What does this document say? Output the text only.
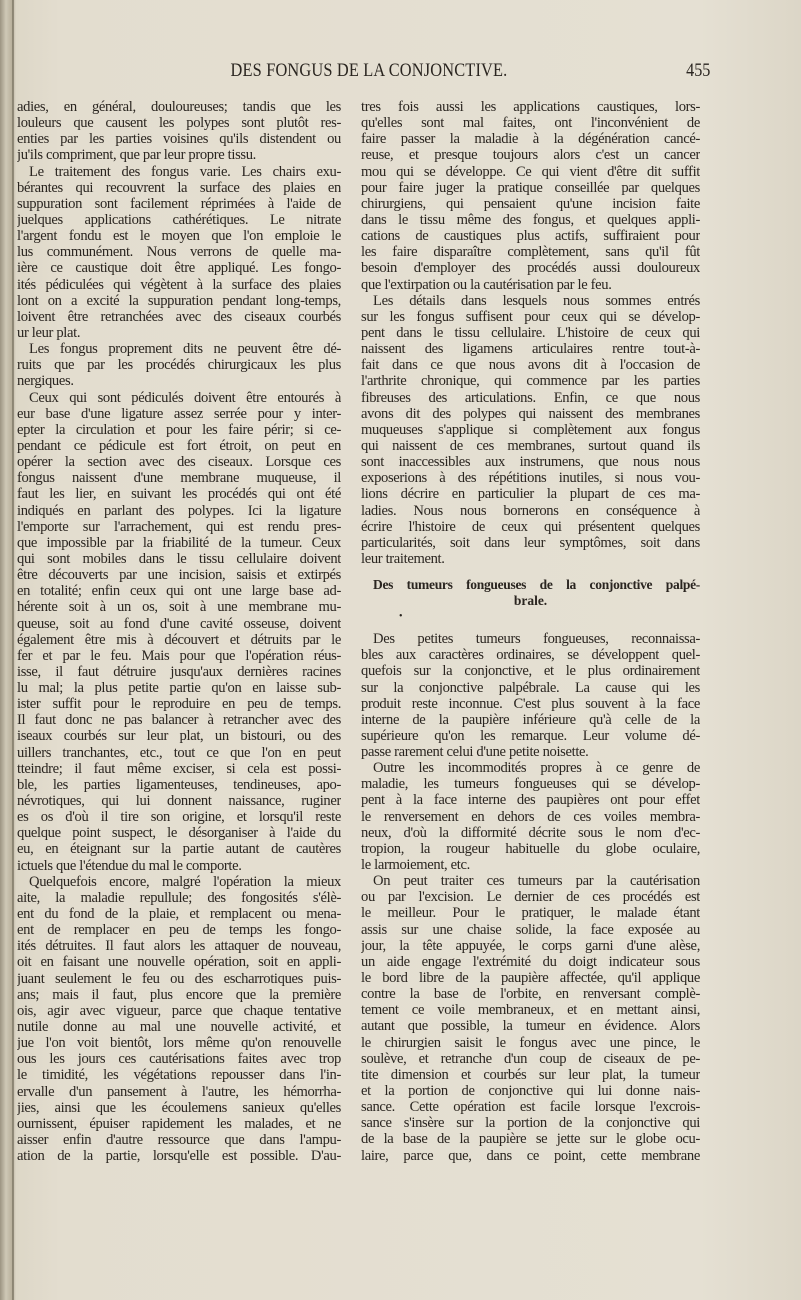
DES FONGUS DE LA CONJONCTIVE.	455
adies, en général, douloureuses; tandis que les
louleurs que causent les polypes sont plutôt res-
enties par les parties voisines qu'ils distendent ou
ju'ils compriment, que par leur propre tissu.
Le traitement des fongus varie. Les chairs exu-
bérantes qui recouvrent la surface des plaies en
suppuration sont facilement réprimées à l'aide de
juelques applications cathérétiques. Le nitrate
l'argent fondu est le moyen que l'on emploie le
lus communément. Nous verrons de quelle ma-
ière ce caustique doit être appliqué. Les fongo-
ités pédiculées qui végètent à la surface des plaies
lont on a excité la suppuration pendant long-temps,
loivent être retranchées avec des ciseaux courbés
ur leur plat.
Les fongus proprement dits ne peuvent être dé-
ruits que par les procédés chirurgicaux les plus
nergiques.
Ceux qui sont pédiculés doivent être entourés à
eur base d'une ligature assez serrée pour y inter-
epter la circulation et pour les faire périr; si ce-
pendant ce pédicule est fort étroit, on peut en
opérer la section avec des ciseaux. Lorsque ces
fongus naissent d'une membrane muqueuse, il
faut les lier, en suivant les procédés qui ont été
indiqués en parlant des polypes. Ici la ligature
l'emporte sur l'arrachement, qui est rendu pres-
que impossible par la friabilité de la tumeur. Ceux
qui sont mobiles dans le tissu cellulaire doivent
être découverts par une incision, saisis et extirpés
en totalité; enfin ceux qui ont une large base ad-
hérente soit à un os, soit à une membrane mu-
queuse, soit au fond d'une cavité osseuse, doivent
également être mis à découvert et détruits par le
fer et par le feu. Mais pour que l'opération réus-
isse, il faut détruire jusqu'aux dernières racines
lu mal; la plus petite partie qu'on en laisse sub-
ister suffit pour le reproduire en peu de temps.
Il faut donc ne pas balancer à retrancher avec des
iseaux courbés sur leur plat, un bistouri, ou des
uillers tranchantes, etc., tout ce que l'on en peut
tteindre; il faut même exciser, si cela est possi-
ble, les parties ligamenteuses, tendineuses, apo-
névrotiques, qui lui donnent naissance, ruginer
es os d'où il tire son origine, et lorsqu'il reste
quelque point suspect, le désorganiser à l'aide du
eu, en éteignant sur la partie autant de cautères
ictuels que l'étendue du mal le comporte.
Quelquefois encore, malgré l'opération la mieux
aite, la maladie repullule; des fongosités s'élè-
ent du fond de la plaie, et remplacent ou mena-
ent de remplacer en peu de temps les fongo-
ités détruites. Il faut alors les attaquer de nouveau,
oit en faisant une nouvelle opération, soit en appli-
juant seulement le feu ou des escharrotiques puis-
ans; mais il faut, plus encore que la première
ois, agir avec vigueur, parce que chaque tentative
nutile donne au mal une nouvelle activité, et
jue l'on voit bientôt, lors même qu'on renouvelle
ous les jours ces cautérisations faites avec trop
le timidité, les végétations repousser dans l'in-
ervalle d'un pansement à l'autre, les hémorrha-
jies, ainsi que les écoulemens sanieux qu'elles
ournissent, épuiser rapidement les malades, et ne
aisser enfin d'autre ressource que dans l'ampu-
ation de la partie, lorsqu'elle est possible. D'au-
tres fois aussi les applications caustiques, lors-
qu'elles sont mal faites, ont l'inconvénient de
faire passer la maladie à la dégénération cancé-
reuse, et presque toujours alors c'est un cancer
mou qui se développe. Ce qui vient d'être dit suffit
pour faire juger la pratique conseillée par quelques
chirurgiens, qui pensaient qu'une incision faite
dans le tissu même des fongus, et quelques appli-
cations de caustiques plus actifs, suffiraient pour
les faire disparaître complètement, sans qu'il fût
besoin d'employer des procédés aussi douloureux
que l'extirpation ou la cautérisation par le feu.
Les détails dans lesquels nous sommes entrés
sur les fongus suffisent pour ceux qui se dévelop-
pent dans le tissu cellulaire. L'histoire de ceux qui
naissent des ligamens articulaires rentre tout-à-
fait dans ce que nous avons dit à l'occasion de
l'arthrite chronique, qui commence par les parties
fibreuses des articulations. Enfin, ce que nous
avons dit des polypes qui naissent des membranes
muqueuses s'applique si complètement aux fongus
qui naissent de ces membranes, surtout quand ils
sont inaccessibles aux instrumens, que nous nous
exposerions à des répétitions inutiles, si nous vou-
lions décrire en particulier la plupart de ces ma-
ladies. Nous nous bornerons en conséquence à
écrire l'histoire de ceux qui présentent quelques
particularités, soit dans leur symptômes, soit dans
leur traitement.
Des tumeurs fongueuses de la conjonctive palpé-
brale.
•
Des petites tumeurs fongueuses, reconnaissa-
bles aux caractères ordinaires, se développent quel-
quefois sur la conjonctive, et le plus ordinairement
sur la conjonctive palpébrale. La cause qui les
produit reste inconnue. C'est plus souvent à la face
interne de la paupière inférieure qu'à celle de la
supérieure qu'on les remarque. Leur volume dé-
passe rarement celui d'une petite noisette.
Outre les incommodités propres à ce genre de
maladie, les tumeurs fongueuses qui se dévelop-
pent à la face interne des paupières ont pour effet
le renversement en dehors de ces voiles membra-
neux, d'où la difformité décrite sous le nom d'ec-
tropion, la rougeur habituelle du globe oculaire,
le larmoiement, etc.
On peut traiter ces tumeurs par la cautérisation
ou par l'excision. Le dernier de ces procédés est
le meilleur. Pour le pratiquer, le malade étant
assis sur une chaise solide, la face exposée au
jour, la tête appuyée, le corps garni d'une alèse,
un aide engage l'extrémité du doigt indicateur sous
le bord libre de la paupière affectée, qu'il applique
contre la base de l'orbite, en renversant complè-
tement ce voile membraneux, et en mettant ainsi,
autant que possible, la tumeur en évidence. Alors
le chirurgien saisit le fongus avec une pince, le
soulève, et retranche d'un coup de ciseaux de pe-
tite dimension et courbés sur leur plat, la tumeur
et la portion de conjonctive qui lui donne nais-
sance. Cette opération est facile lorsque l'excrois-
sance s'insère sur la portion de la conjonctive qui
de la base de la paupière se jette sur le globe ocu-
laire, parce que, dans ce point, cette membrane
